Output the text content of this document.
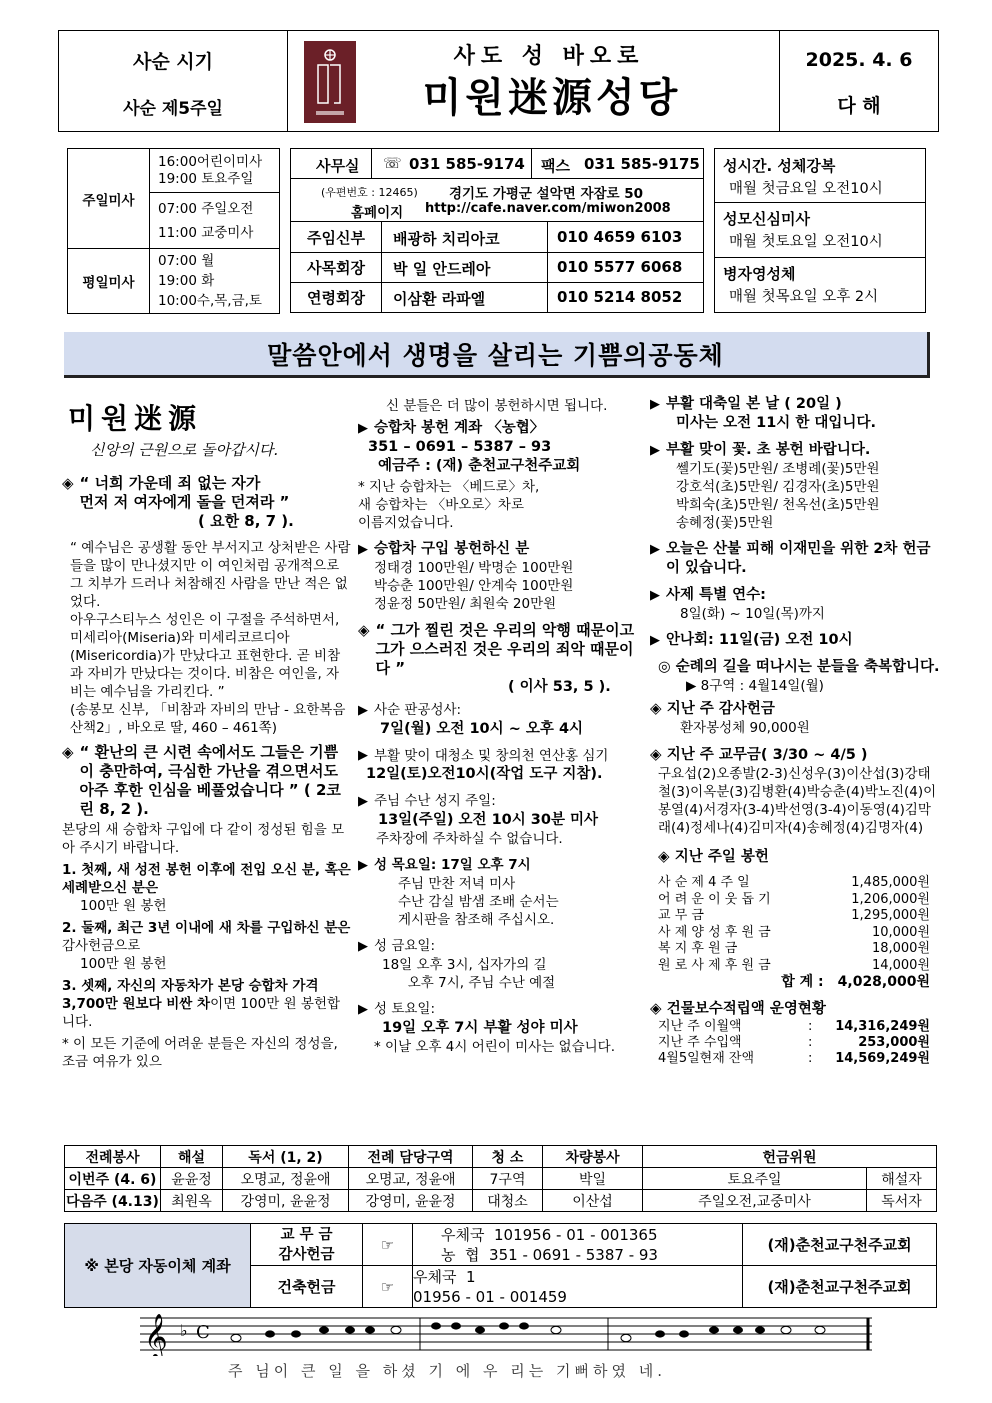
사순 시기
사순 제5주일
사도 성 바오로
미원迷源성당
2025. 4. 6
다 해
주일미사	16:00어린이미사
19:00 토요주일

	07:00 주일오전
11:00 교중미사

평일미사	07:00 월
19:00 화
10:00수,목,금,토
사무실 ☏ 031 585-9174 팩스 031 585-9175
(우편번호 : 12465) 경기도 가평군 설악면 자잠로 50
홈페이지 http://cafe.naver.com/miwon2008
주임신부	배광하 치리아코	010 4659 6103
사목회장	박 일 안드레아	010 5577 6068
연령회장	이삼환 라파엘	010 5214 8052
성시간. 성체강복
매월 첫금요일 오전10시
성모신심미사
매월 첫토요일 오전10시
병자영성체
매월 첫목요일 오후 2시
말씀안에서 생명을 살리는 기쁨의공동체
미원迷源
신앙의 근원으로 돌아갑시다.
◈ “ 너희 가운데 죄 없는 자가
먼저 저 여자에게 돌을 던져라 ”
( 요한 8, 7 ).
“ 예수님은 공생활 동안 부서지고 상처받은 사람들을 많이 만나셨지만 이 여인처럼 공개적으로 그 치부가 드러나 처참해진 사람을 만난 적은 없었다.
아우구스티누스 성인은 이 구절을 주석하면서, 미세리아(Miseria)와 미세리코르디아(Misericordia)가 만났다고 표현한다. 곧 비참과 자비가 만났다는 것이다. 비참은 여인을, 자비는 예수님을 가리킨다. ”
(송봉모 신부, 「비참과 자비의 만남 - 요한복음 산책2」, 바오로 딸, 460 – 461쪽)
◈ “ 환난의 큰 시련 속에서도 그들은 기쁨이 충만하여, 극심한 가난을 겪으면서도 아주 후한 인심을 베풀었습니다 ” ( 2코린 8, 2 ).
본당의 새 승합차 구입에 다 같이 정성된 힘을 모아 주시기 바랍니다.
1. 첫째, 새 성전 봉헌 이후에 전입 오신 분, 혹은 세례받으신 분은
100만 원 봉헌
2. 둘째, 최근 3년 이내에 새 차를 구입하신 분은 감사헌금으로
100만 원 봉헌
3. 셋째, 자신의 자동차가 본당 승합차 가격 3,700만 원보다 비싼 차이면 100만 원 봉헌합니다.
* 이 모든 기준에 어려운 분들은 자신의 정성을, 조금 여유가 있으
신 분들은 더 많이 봉헌하시면 됩니다.
▶ 승합차 봉헌 계좌 〈농협〉
351 – 0691 – 5387 – 93
예금주 : (재) 춘천교구천주교회
* 지난 승합차는 〈베드로〉차,
새 승합차는 〈바오로〉차로
이름지었습니다.
▶ 승합차 구입 봉헌하신 분
정태경 100만원/ 박명순 100만원
박승춘 100만원/ 안계숙 100만원
정윤정 50만원/ 최원숙 20만원
◈ “ 그가 찔린 것은 우리의 악행 때문이고 그가 으스러진 것은 우리의 죄악 때문이다 ”
( 이사 53, 5 ).
▶ 사순 판공성사:
7일(월) 오전 10시 ~ 오후 4시
▶ 부활 맞이 대청소 및 창의천 연산홍 심기
12일(토)오전10시(작업 도구 지참).
▶ 주님 수난 성지 주일:
13일(주일) 오전 10시 30분 미사
주차장에 주차하실 수 없습니다.
▶ 성 목요일: 17일 오후 7시
주님 만찬 저녁 미사
수난 감실 밤샘 조배 순서는
게시판을 참조해 주십시오.
▶ 성 금요일:
18일 오후 3시, 십자가의 길
오후 7시, 주님 수난 예절
▶ 성 토요일:
19일 오후 7시 부활 성야 미사
* 이날 오후 4시 어린이 미사는 없습니다.
▶ 부활 대축일 본 날 ( 20일 )
미사는 오전 11시 한 대입니다.
▶ 부활 맞이 꽃. 초 봉헌 바랍니다.
쎌기도(꽃)5만원/ 조병례(꽃)5만원
강호석(초)5만원/ 김경자(초)5만원
박희숙(초)5만원/ 천옥선(초)5만원
송혜정(꽃)5만원
▶ 오늘은 산불 피해 이재민을 위한 2차 헌금이 있습니다.
▶ 사제 특별 연수:
8일(화) ~ 10일(목)까지
▶ 안나회: 11일(금) 오전 10시
◎ 순례의 길을 떠나시는 분들을 축복합니다.
▶ 8구역 : 4월14일(월)
◈ 지난 주 감사헌금
환자봉성체 90,000원
◈ 지난 주 교무금( 3/30 ~ 4/5 )
구요섭(2)오종발(2-3)신성우(3)이산섭(3)강태철(3)이옥분(3)김병환(4)박승춘(4)박노진(4)이봉열(4)서경자(3-4)박선영(3-4)이동영(4)김막래(4)정세나(4)김미자(4)송혜정(4)김명자(4)
◈ 지난 주일 봉헌
사 순 제 4 주 일	1,485,000원
어 려 운 이 웃 돕 기	1,206,000원
교 무 금	1,295,000원
사 제 양 성 후 원 금	10,000원
복 지 후 원 금	18,000원
원 로 사 제 후 원 금	14,000원
합 계 : 4,028,000원
◈ 건물보수적립액 운영현황
지난 주 이월액	:	14,316,249원
지난 주 수입액	:	253,000원
4월5일현재 잔액	:	14,569,249원
전례봉사	해설	독서 (1, 2)	전례 담당구역	청 소	차량봉사	헌금위원	
이번주 (4. 6)	윤윤정	오명교, 정윤애	오명교, 정윤애	7구역	박일	토요주일	해설자
다음주 (4.13)	최원옥	강영미, 윤윤정	강영미, 윤윤정	대청소	이산섭	주일오전,교중미사	독서자
※ 본당 자동이체 계좌	교 무 금
감사헌금	☞	우체국  101956 - 01 - 001365
농  협  351 - 0691 - 5387 - 93	(재)춘천교구천주교회
	건축헌금	☞	우체국  1
01956 - 01 - 001459	(재)춘천교구천주교회
𝄞 ♭ C
주 님이 큰 일 을 하셨 기 에 우 리는 기뻐하였 네.
